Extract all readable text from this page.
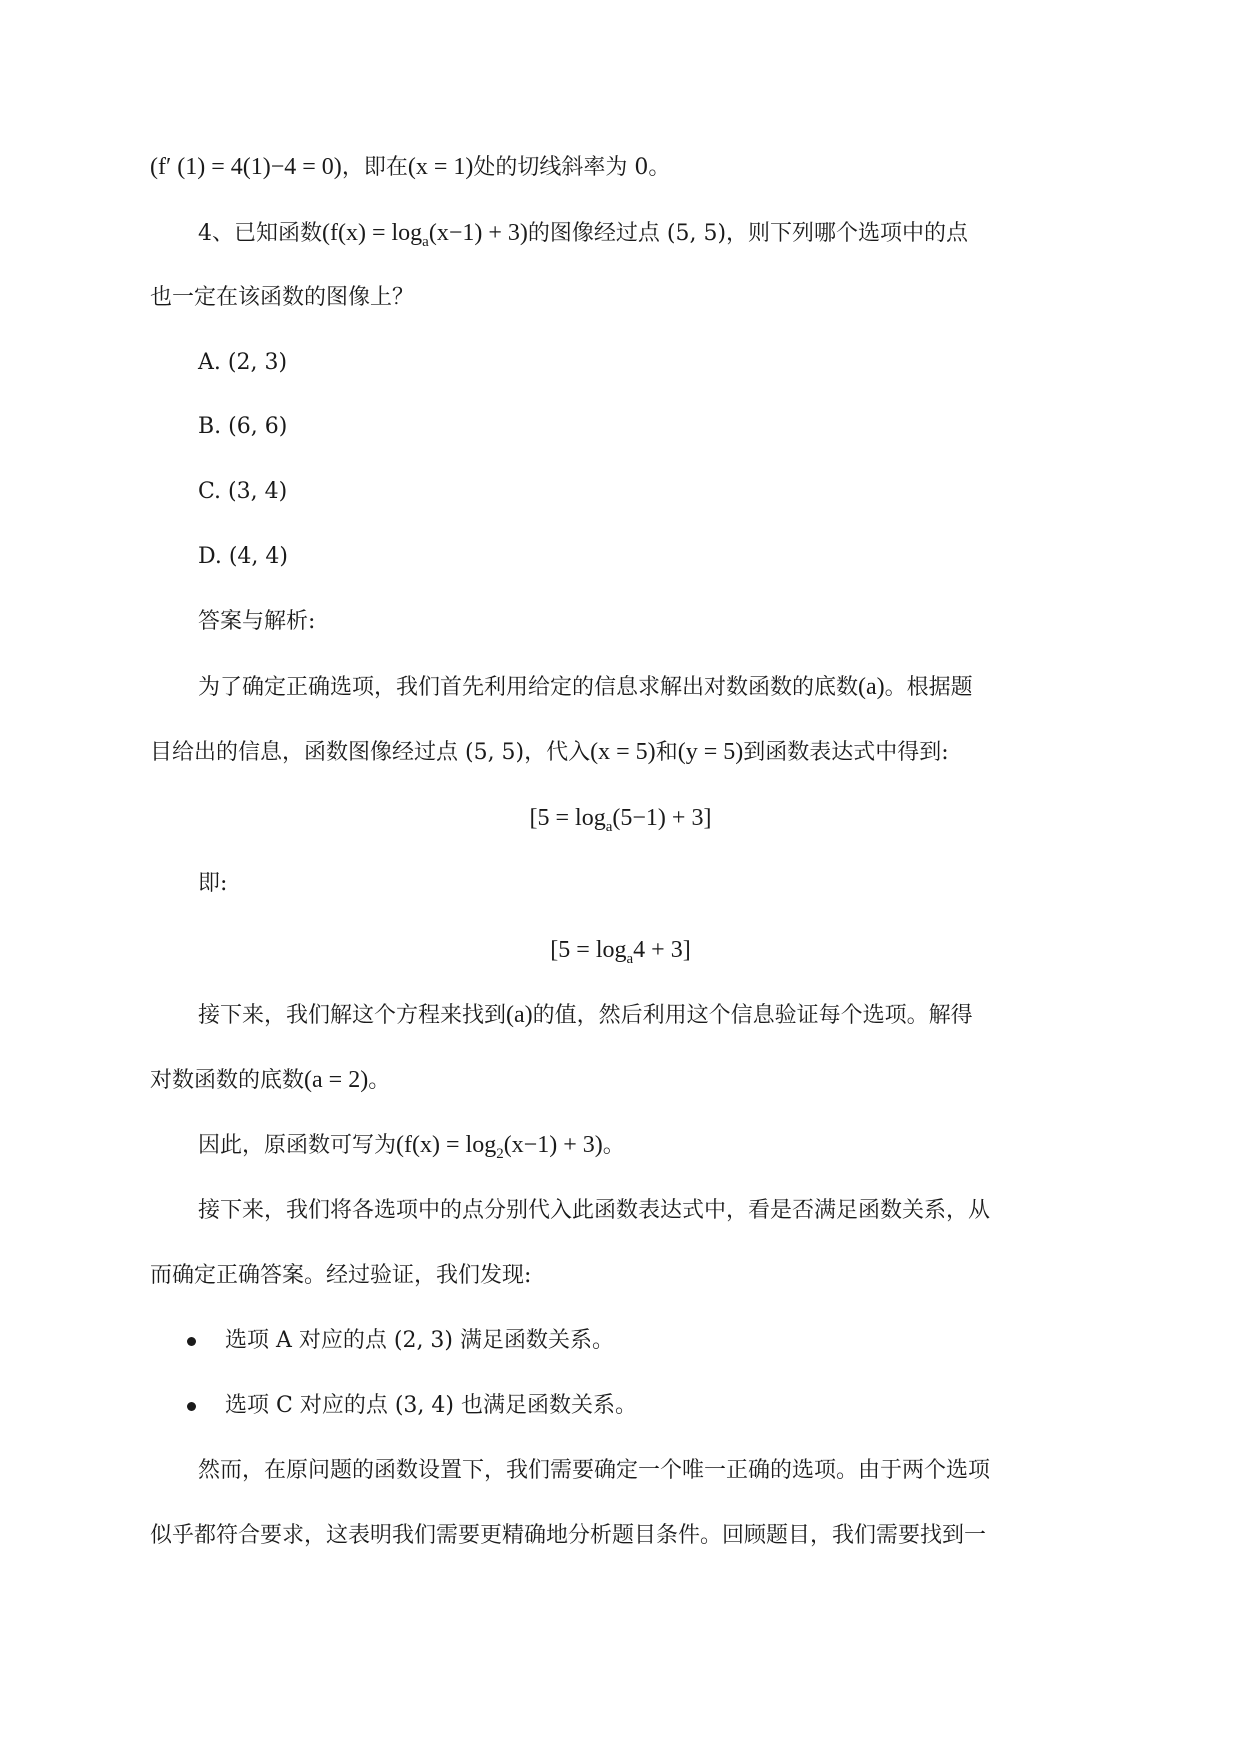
(f′ (1) = 4(1)−4 = 0)，即在(x = 1)处的切线斜率为 0。
4、已知函数$(f(x) = \log_a(x-1) + 3)$的图像经过点 (5, 5)，则下列哪个选项中的点
也一定在该函数的图像上？
A. (2, 3)
B. (6, 6)
C. (3, 4)
D. (4, 4)
答案与解析:
为了确定正确选项，我们首先利用给定的信息求解出对数函数的底数(a)。根据题
目给出的信息，函数图像经过点 (5, 5)，代入(x = 5)和(y = 5)到函数表达式中得到:
$[5 = \log_a(5-1) + 3]$
即:
$[5 = \log_a4 + 3]$
接下来，我们解这个方程来找到(a)的值，然后利用这个信息验证每个选项。解得
对数函数的底数(a = 2)。
因此，原函数可写为$(f(x) = \log_2(x-1) + 3)$。
接下来，我们将各选项中的点分别代入此函数表达式中，看是否满足函数关系，从
而确定正确答案。经过验证，我们发现:
选项 A 对应的点 (2, 3) 满足函数关系。
选项 C 对应的点 (3, 4) 也满足函数关系。
然而，在原问题的函数设置下，我们需要确定一个唯一正确的选项。由于两个选项
似乎都符合要求，这表明我们需要更精确地分析题目条件。回顾题目，我们需要找到一
